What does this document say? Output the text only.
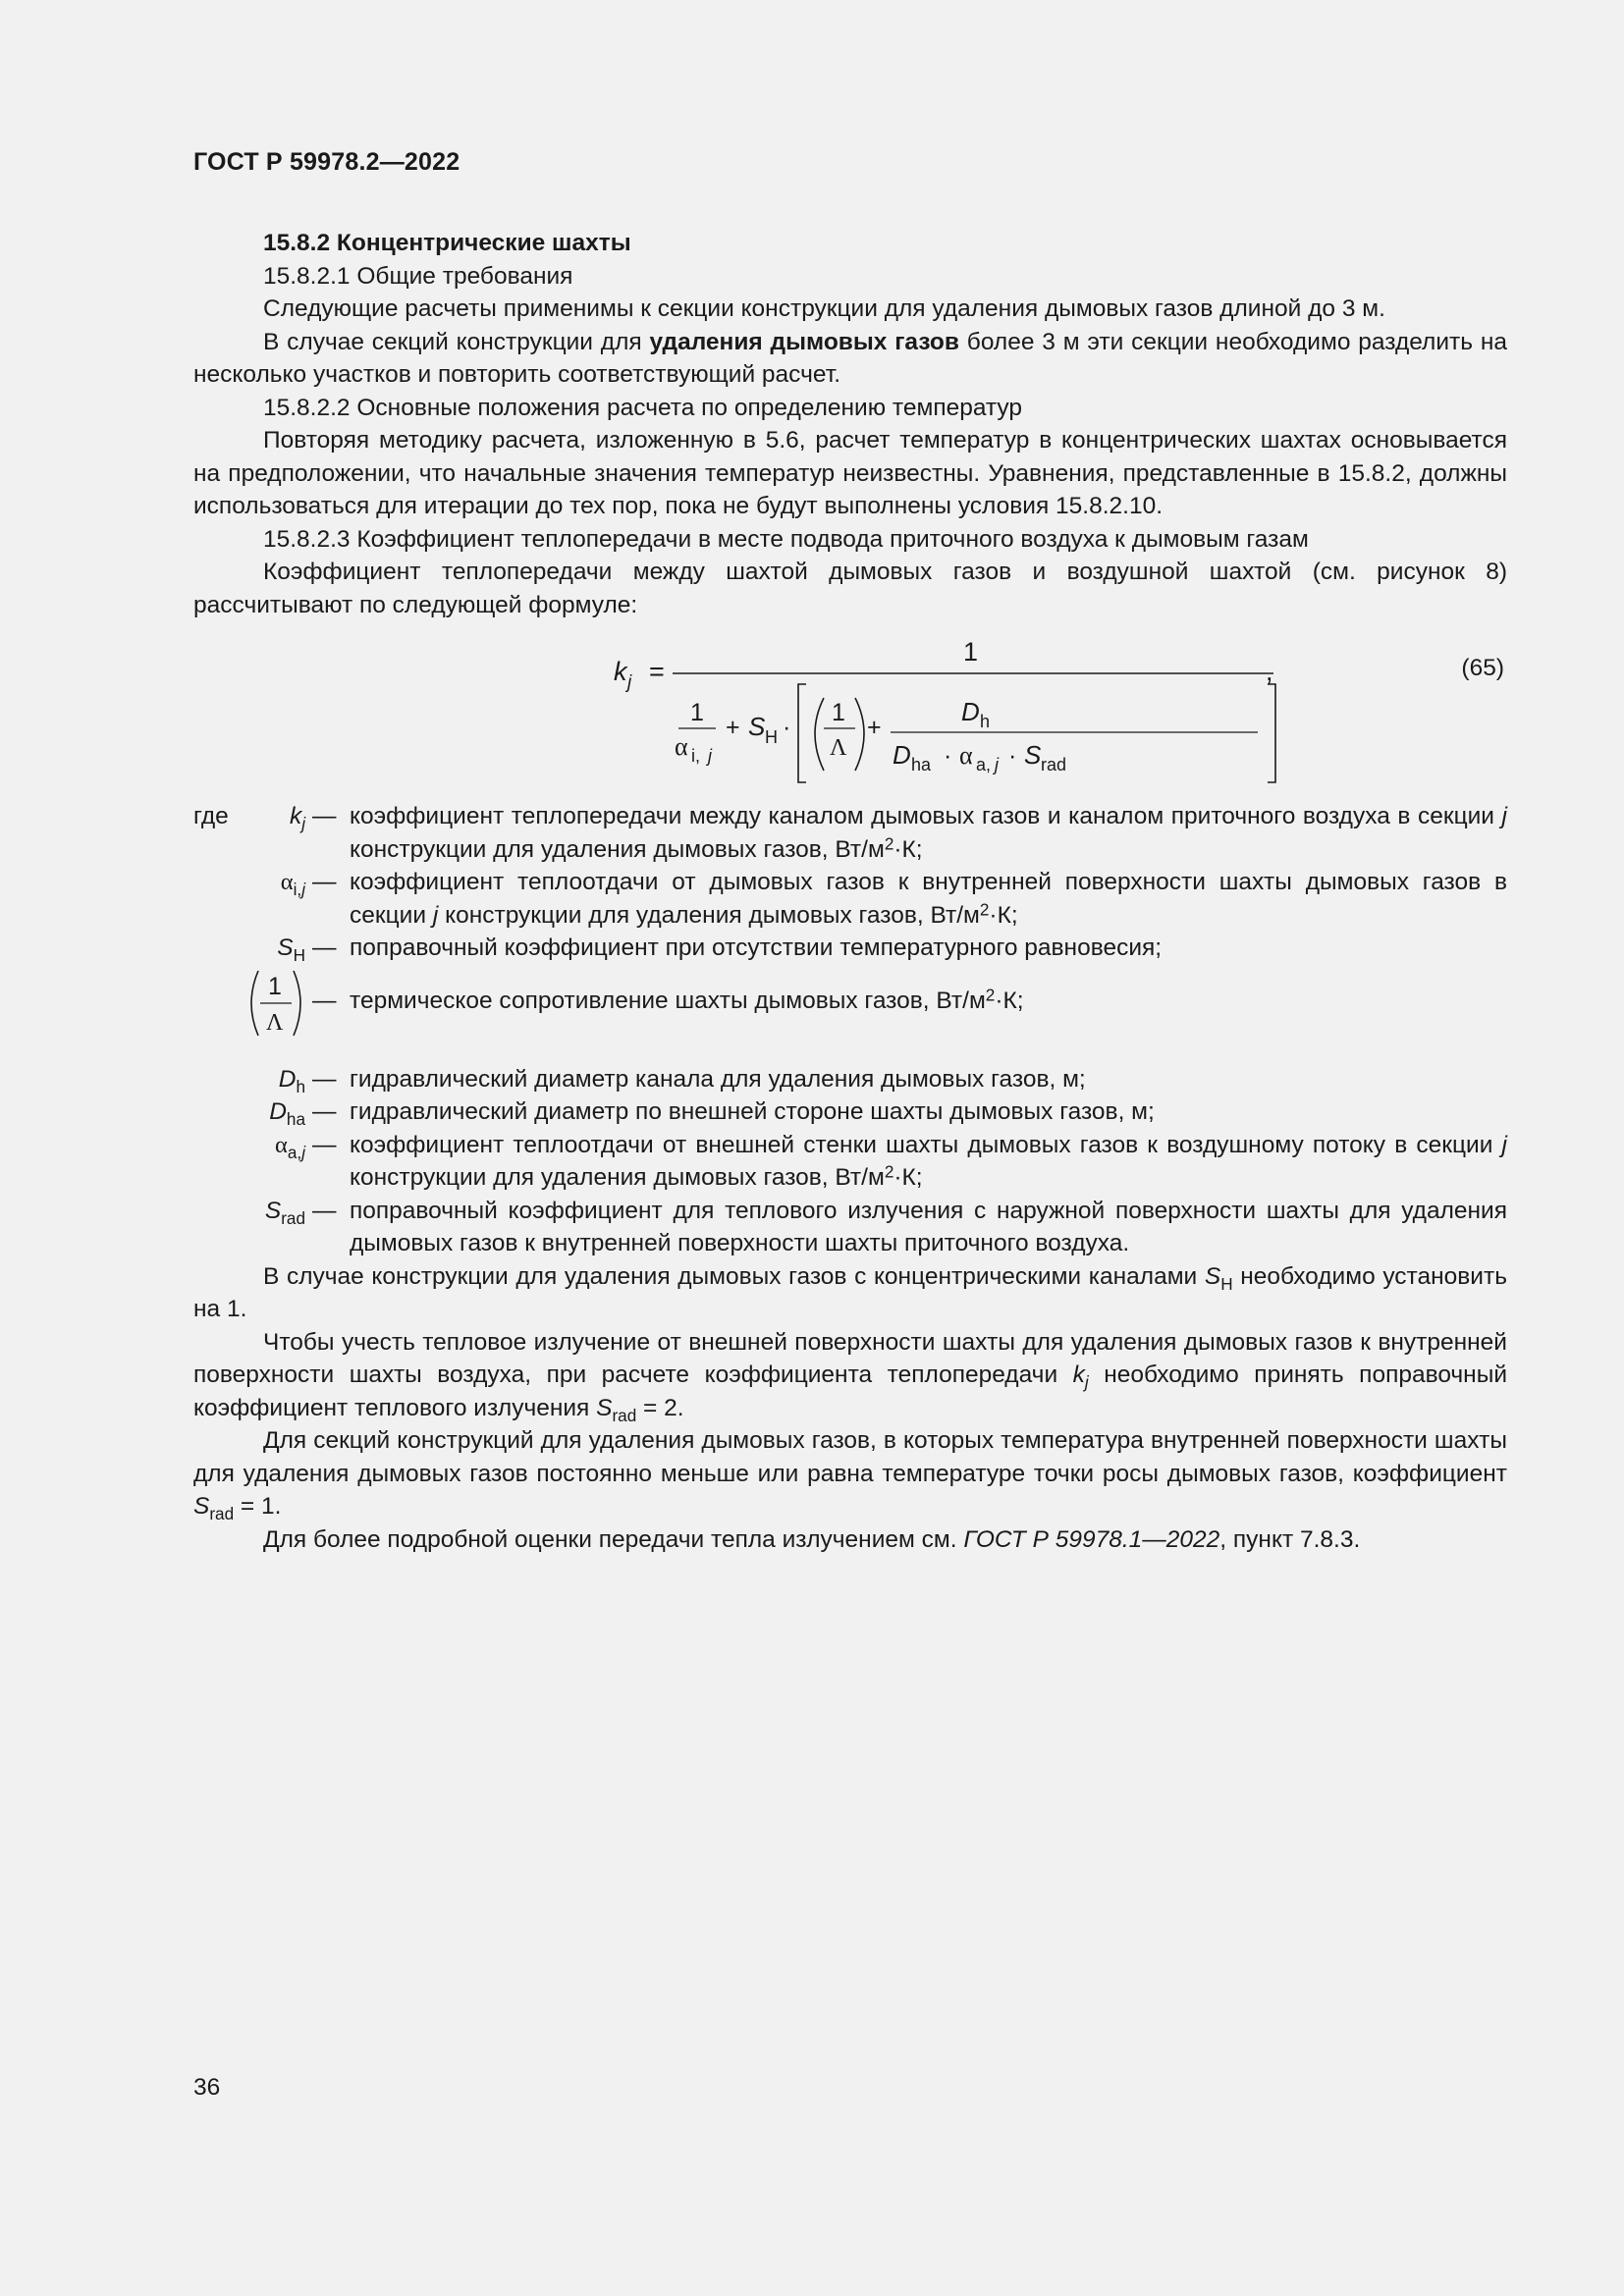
ГОСТ Р 59978.2—2022

15.8.2 Концентрические шахты

15.8.2.1 Общие требования

Следующие расчеты применимы к секции конструкции для удаления дымовых газов длиной до 3 м.

В случае секций конструкции для удаления дымовых газов более 3 м эти секции необходимо разделить на несколько участков и повторить соответствующий расчет.

15.8.2.2 Основные положения расчета по определению температур

Повторяя методику расчета, изложенную в 5.6, расчет температур в концентрических шахтах основывается на предположении, что начальные значения температур неизвестны. Уравнения, представленные в 15.8.2, должны использоваться для итерации до тех пор, пока не будут выполнены условия 15.8.2.10.

15.8.2.3 Коэффициент теплопередачи в месте подвода приточного воздуха к дымовым газам

Коэффициент теплопередачи между шахтой дымовых газов и воздушной шахтой (см. рисунок 8) рассчитывают по следующей формуле:

k j =	,
1
1
α i, j
+ S H ·
1
Λ
+
D h
D ha · α a, j · S rad
(65)
где	$k_j$ — коэффициент теплопередачи между каналом дымовых газов и каналом приточного воздуха в секции j конструкции для удаления дымовых газов, $Вт/м^2\cdot К$;
$\alpha_{i,j}$ — коэффициент теплоотдачи от дымовых газов к внутренней поверхности шахты дымовых газов в секции j конструкции для удаления дымовых газов, $Вт/м^2\cdot К$;
$S_H$ — поправочный коэффициент при отсутствии температурного равновесия;
1
Λ
— термическое сопротивление шахты дымовых газов, $Вт/м^2\cdot К$;
$D_h$ — гидравлический диаметр канала для удаления дымовых газов, м;
$D_{ha}$ — гидравлический диаметр по внешней стороне шахты дымовых газов, м;
$\alpha_{a,j}$ — коэффициент теплоотдачи от внешней стенки шахты дымовых газов к воздушному потоку в секции j конструкции для удаления дымовых газов, $Вт/м^2\cdot К$;
$S_{rad}$ — поправочный коэффициент для теплового излучения с наружной поверхности шахты для удаления дымовых газов к внутренней поверхности шахты приточного воздуха.

В случае конструкции для удаления дымовых газов с концентрическими каналами $S_H$ необходимо установить на 1.

Чтобы учесть тепловое излучение от внешней поверхности шахты для удаления дымовых газов к внутренней поверхности шахты воздуха, при расчете коэффициента теплопередачи $k_j$ необходимо принять поправочный коэффициент теплового излучения $S_{rad} = 2$.

Для секций конструкций для удаления дымовых газов, в которых температура внутренней поверхности шахты для удаления дымовых газов постоянно меньше или равна температуре точки росы дымовых газов, коэффициент $S_{rad} = 1$.

Для более подробной оценки передачи тепла излучением см. ГОСТ Р 59978.1—2022, пункт 7.8.3.

36
